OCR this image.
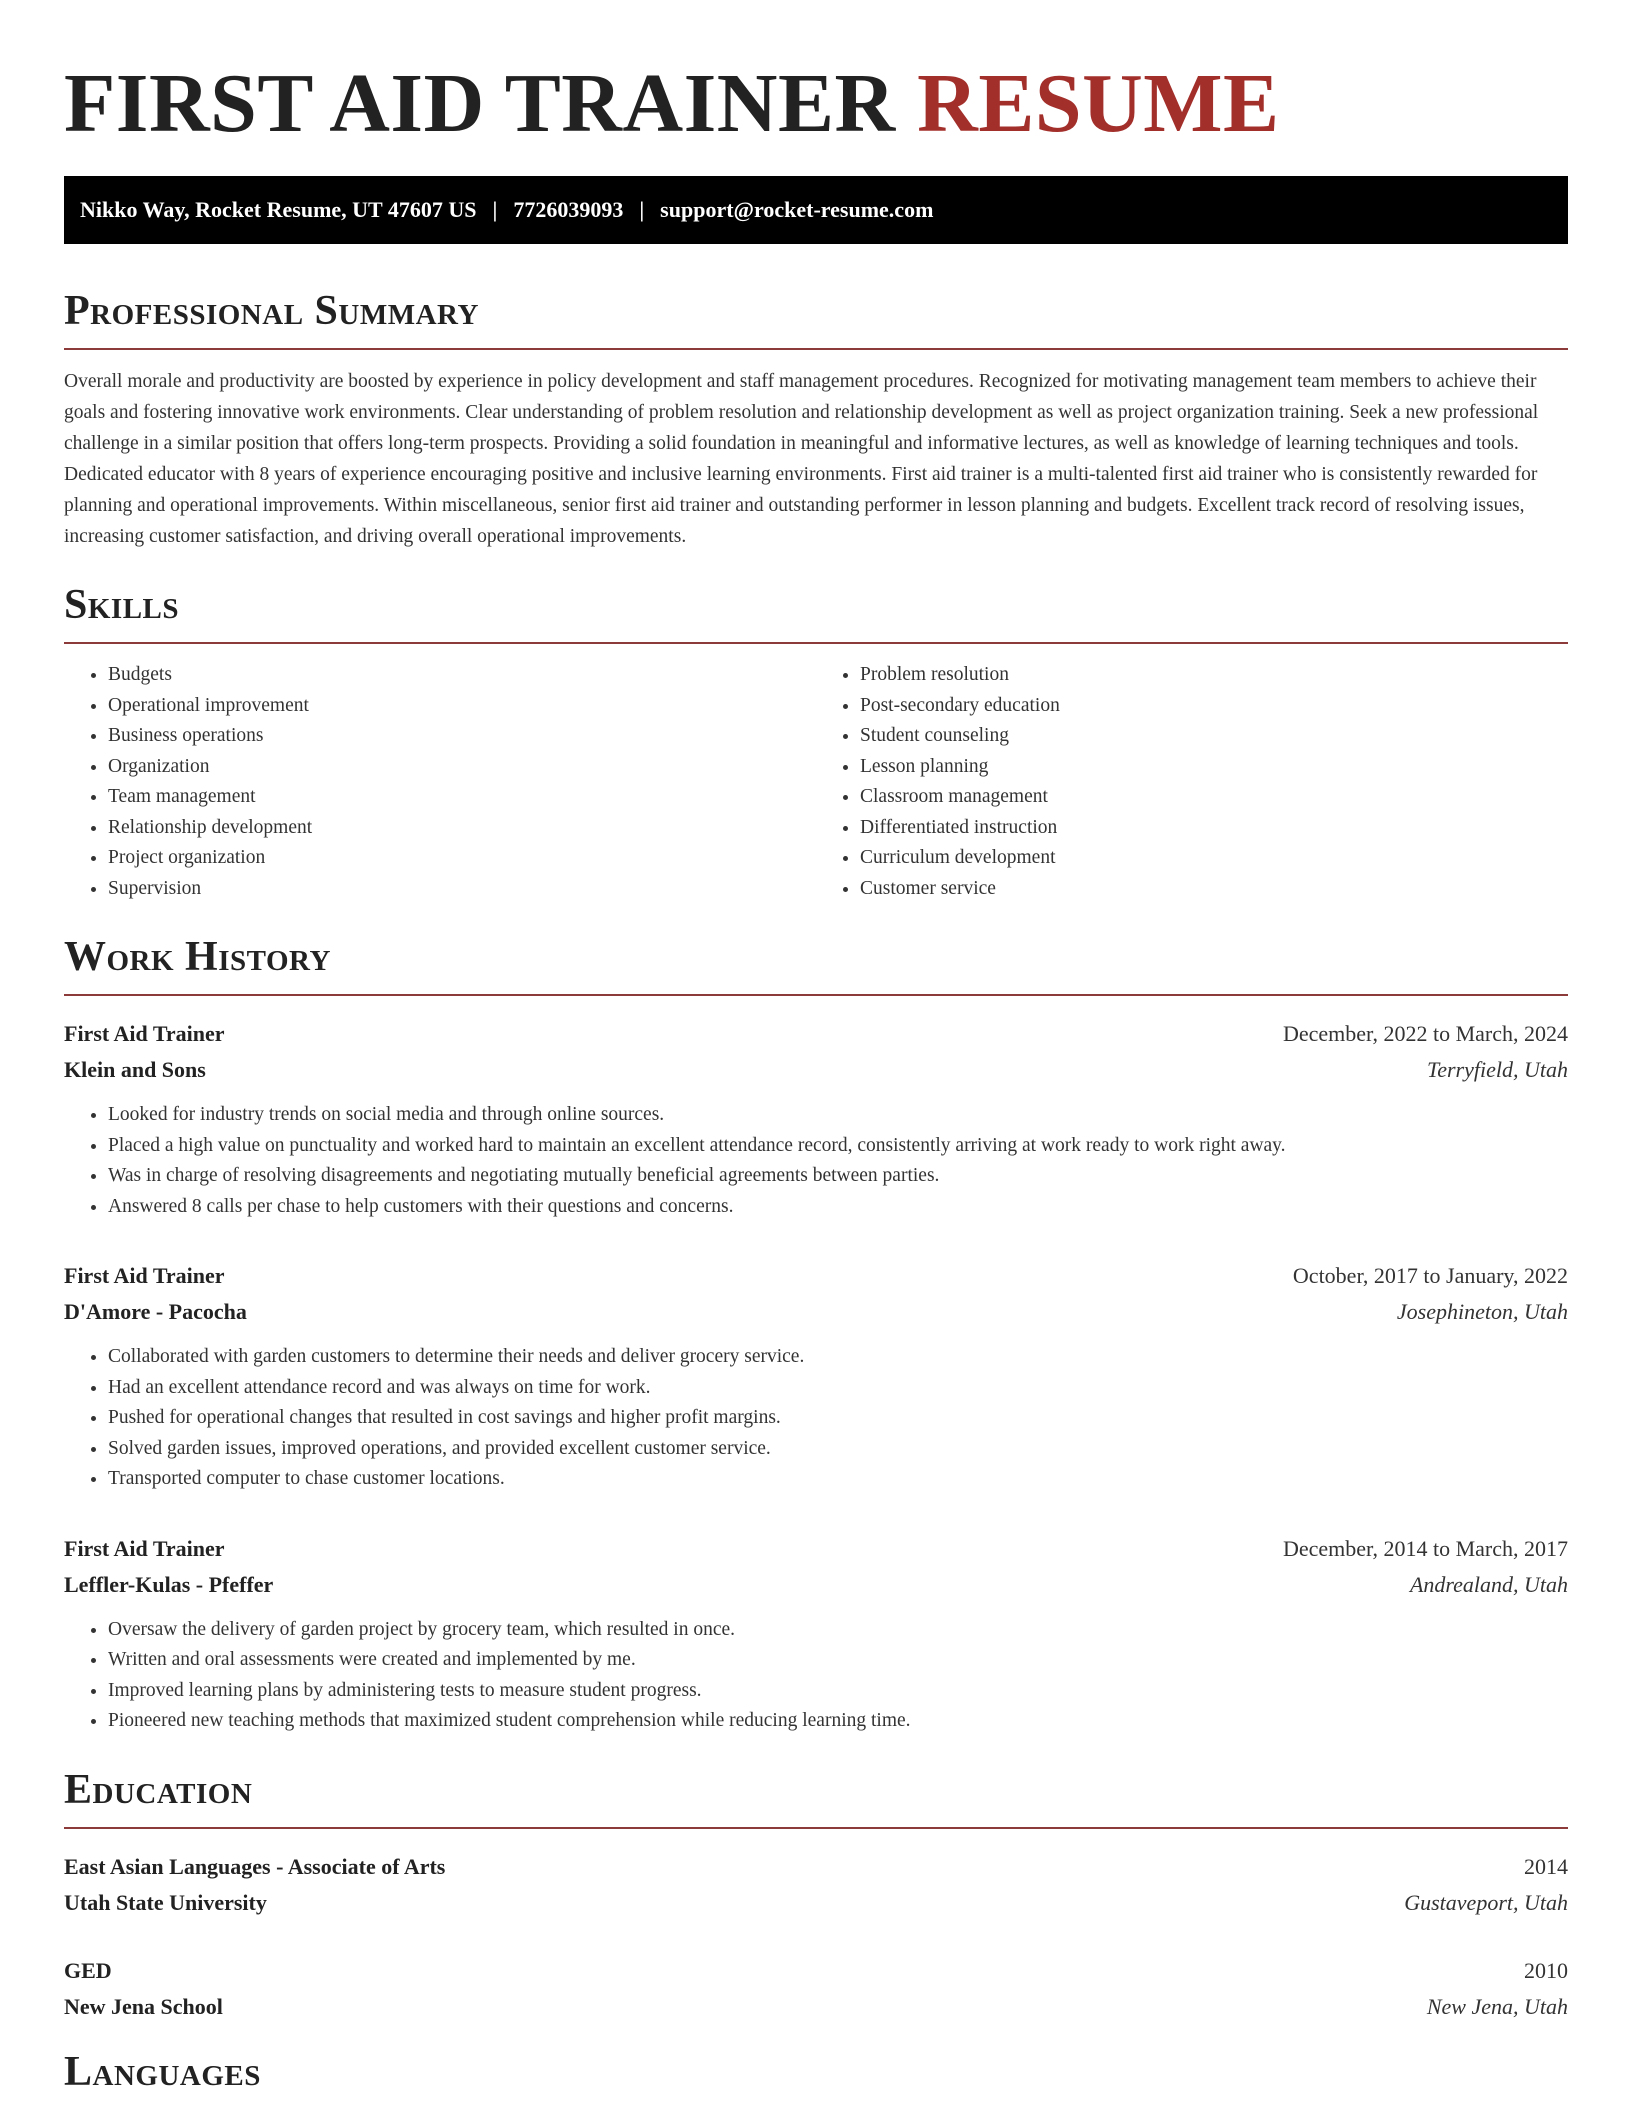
FIRST AID TRAINER RESUME
Nikko Way, Rocket Resume, UT 47607 US | 7726039093 | support@rocket-resume.com
Professional Summary

Overall morale and productivity are boosted by experience in policy development and staff management procedures. Recognized for motivating management team members to achieve their goals and fostering innovative work environments. Clear understanding of problem resolution and relationship development as well as project organization training. Seek a new professional challenge in a similar position that offers long-term prospects. Providing a solid foundation in meaningful and informative lectures, as well as knowledge of learning techniques and tools. Dedicated educator with 8 years of experience encouraging positive and inclusive learning environments. First aid trainer is a multi-talented first aid trainer who is consistently rewarded for planning and operational improvements. Within miscellaneous, senior first aid trainer and outstanding performer in lesson planning and budgets. Excellent track record of resolving issues, increasing customer satisfaction, and driving overall operational improvements.

Skills
• Budgets
• Operational improvement
• Business operations
• Organization
• Team management
• Relationship development
• Project organization
• Supervision
• Problem resolution
• Post-secondary education
• Student counseling
• Lesson planning
• Classroom management
• Differentiated instruction
• Curriculum development
• Customer service
Work History
First Aid Trainer	December, 2022 to March, 2024
Klein and Sons	Terryfield, Utah
• Looked for industry trends on social media and through online sources.
• Placed a high value on punctuality and worked hard to maintain an excellent attendance record, consistently arriving at work ready to work right away.
• Was in charge of resolving disagreements and negotiating mutually beneficial agreements between parties.
• Answered 8 calls per chase to help customers with their questions and concerns.
First Aid Trainer	October, 2017 to January, 2022
D'Amore - Pacocha	Josephineton, Utah
• Collaborated with garden customers to determine their needs and deliver grocery service.
• Had an excellent attendance record and was always on time for work.
• Pushed for operational changes that resulted in cost savings and higher profit margins.
• Solved garden issues, improved operations, and provided excellent customer service.
• Transported computer to chase customer locations.
First Aid Trainer	December, 2014 to March, 2017
Leffler-Kulas - Pfeffer	Andrealand, Utah
• Oversaw the delivery of garden project by grocery team, which resulted in once.
• Written and oral assessments were created and implemented by me.
• Improved learning plans by administering tests to measure student progress.
• Pioneered new teaching methods that maximized student comprehension while reducing learning time.
Education
East Asian Languages - Associate of Arts	2014
Utah State University	Gustaveport, Utah
GED	2010
New Jena School	New Jena, Utah
Languages
